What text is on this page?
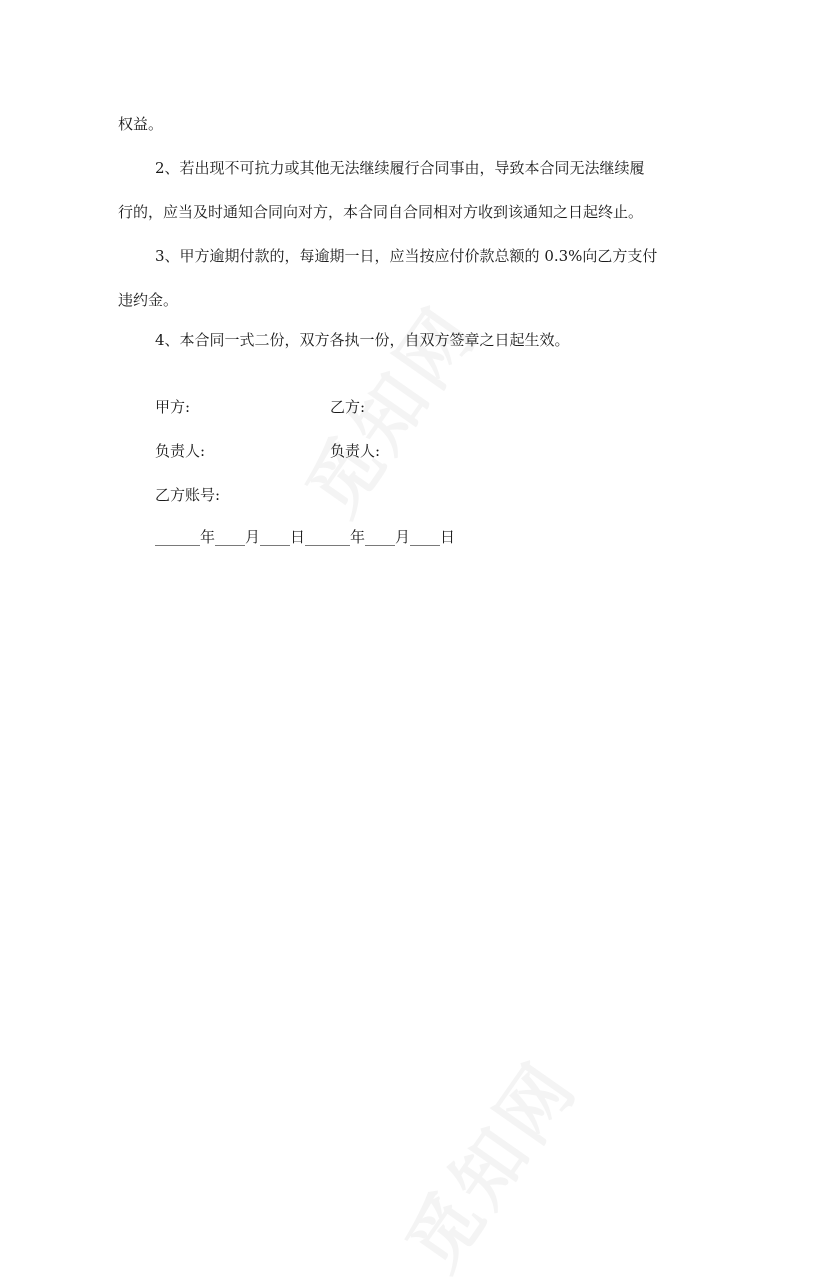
权益。
2、若出现不可抗力或其他无法继续履行合同事由，导致本合同无法继续履
行的，应当及时通知合同向对方，本合同自合同相对方收到该通知之日起终止。
3、甲方逾期付款的，每逾期一日，应当按应付价款总额的 0.3%向乙方支付
违约金。
4、本合同一式二份，双方各执一份，自双方签章之日起生效。
甲方:	乙方:
负责人:	负责人:
乙方账号:
______年____月____日______年____月____日
